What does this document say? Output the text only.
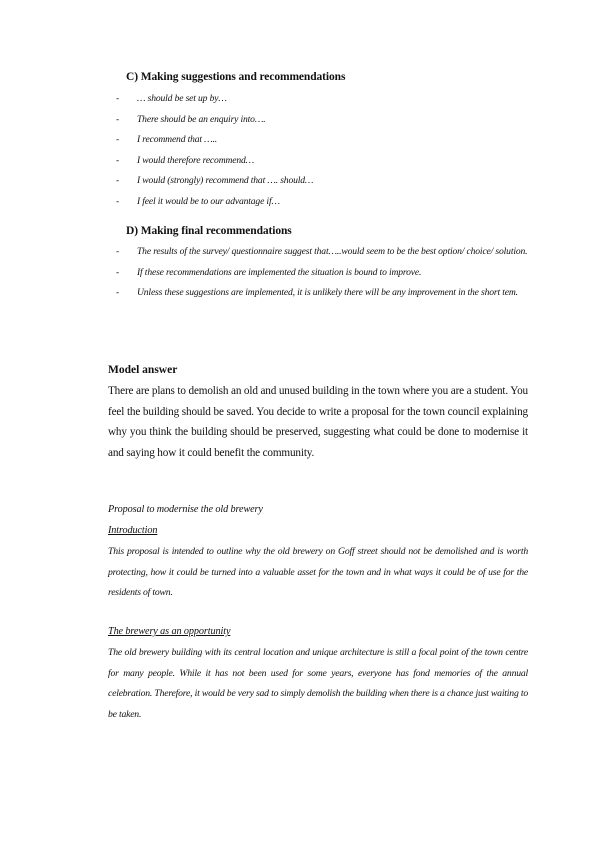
C) Making suggestions and recommendations
- … should be set up by…
- There should be an enquiry into….
- I recommend that …..
- I would therefore recommend…
- I would (strongly) recommend that …. should…
- I feel it would be to our advantage if…
D) Making final recommendations
- The results of the survey/ questionnaire suggest that…..would seem to be the best option/ choice/ solution.
- If these recommendations are implemented the situation is bound to improve.
- Unless these suggestions are implemented, it is unlikely there will be any improvement in the short tem.
Model answer
There are plans to demolish an old and unused building in the town where you are a student. You feel the building should be saved. You decide to write a proposal for the town council explaining why you think the building should be preserved, suggesting what could be done to modernise it and saying how it could benefit the community.
Proposal to modernise the old brewery
Introduction
This proposal is intended to outline why the old brewery on Goff street should not be demolished and is worth protecting, how it could be turned into a valuable asset for the town and in what ways it could be of use for the residents of town.
The brewery as an opportunity
The old brewery building with its central location and unique architecture is still a focal point of the town centre for many people. While it has not been used for some years, everyone has fond memories of the annual celebration. Therefore, it would be very sad to simply demolish the building when there is a chance just waiting to be taken.
